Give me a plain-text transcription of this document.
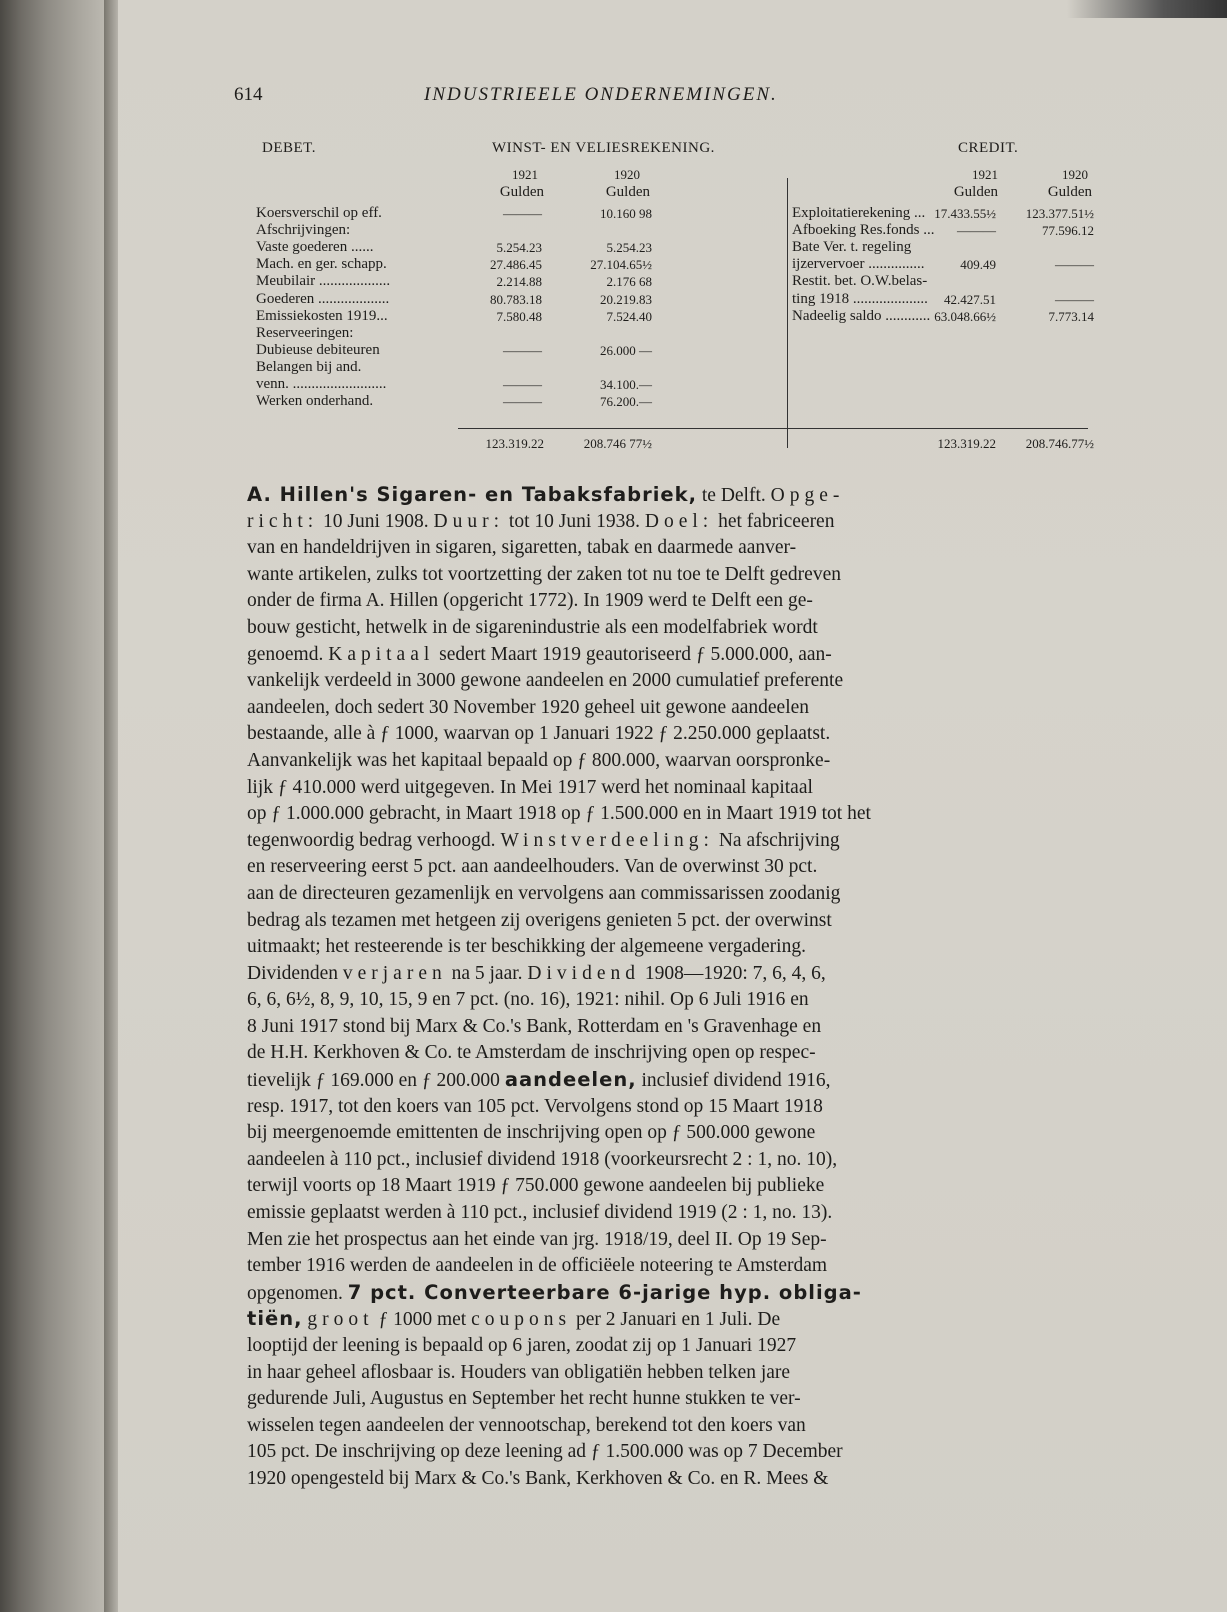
614	INDUSTRIEELE ONDERNEMINGEN.
DEBET.	WINST- EN VELIESREKENING.	CREDIT.
1921	1920
Gulden	Gulden
1921	1920
Gulden	Gulden
123.319.22	208.746 77½	123.319.22	208.746.77½
A. Hillen's Sigaren- en Tabaksfabriek, te Delft. Opge-
richt: 10 Juni 1908. Duur: tot 10 Juni 1938. Doel: het fabriceeren
van en handeldrijven in sigaren, sigaretten, tabak en daarmede aanver-
wante artikelen, zulks tot voortzetting der zaken tot nu toe te Delft gedreven
onder de firma A. Hillen (opgericht 1772). In 1909 werd te Delft een ge-
bouw gesticht, hetwelk in de sigarenindustrie als een modelfabriek wordt
genoemd. Kapitaal sedert Maart 1919 geautoriseerd ƒ 5.000.000, aan-
vankelijk verdeeld in 3000 gewone aandeelen en 2000 cumulatief preferente
aandeelen, doch sedert 30 November 1920 geheel uit gewone aandeelen
bestaande, alle à ƒ 1000, waarvan op 1 Januari 1922 ƒ 2.250.000 geplaatst.
Aanvankelijk was het kapitaal bepaald op ƒ 800.000, waarvan oorspronke-
lijk ƒ 410.000 werd uitgegeven. In Mei 1917 werd het nominaal kapitaal
op ƒ 1.000.000 gebracht, in Maart 1918 op ƒ 1.500.000 en in Maart 1919 tot het
tegenwoordig bedrag verhoogd. Winstverdeeling: Na afschrijving
en reserveering eerst 5 pct. aan aandeelhouders. Van de overwinst 30 pct.
aan de directeuren gezamenlijk en vervolgens aan commissarissen zoodanig
bedrag als tezamen met hetgeen zij overigens genieten 5 pct. der overwinst
uitmaakt; het resteerende is ter beschikking der algemeene vergadering.
Dividenden verjaren na 5 jaar. Dividend 1908—1920: 7, 6, 4, 6,
6, 6, 6½, 8, 9, 10, 15, 9 en 7 pct. (no. 16), 1921: nihil. Op 6 Juli 1916 en
8 Juni 1917 stond bij Marx & Co.'s Bank, Rotterdam en 's Gravenhage en
de H.H. Kerkhoven & Co. te Amsterdam de inschrijving open op respec-
tievelijk ƒ 169.000 en ƒ 200.000 aandeelen, inclusief dividend 1916,
resp. 1917, tot den koers van 105 pct. Vervolgens stond op 15 Maart 1918
bij meergenoemde emittenten de inschrijving open op ƒ 500.000 gewone
aandeelen à 110 pct., inclusief dividend 1918 (voorkeursrecht 2 : 1, no. 10),
terwijl voorts op 18 Maart 1919 ƒ 750.000 gewone aandeelen bij publieke
emissie geplaatst werden à 110 pct., inclusief dividend 1919 (2 : 1, no. 13).
Men zie het prospectus aan het einde van jrg. 1918/19, deel II. Op 19 Sep-
tember 1916 werden de aandeelen in de officiëele noteering te Amsterdam
opgenomen. 7 pct. Converteerbare 6-jarige hyp. obliga-
tiën, groot ƒ 1000 met coupons per 2 Januari en 1 Juli. De
looptijd der leening is bepaald op 6 jaren, zoodat zij op 1 Januari 1927
in haar geheel aflosbaar is. Houders van obligatiën hebben telken jare
gedurende Juli, Augustus en September het recht hunne stukken te ver-
wisselen tegen aandeelen der vennootschap, berekend tot den koers van
105 pct. De inschrijving op deze leening ad ƒ 1.500.000 was op 7 December
1920 opengesteld bij Marx & Co.'s Bank, Kerkhoven & Co. en R. Mees &
Koersverschil op eff.	———	10.160 98
Afschrijvingen:
Vaste goederen ......	5.254.23	5.254.23
Mach. en ger. schapp.	27.486.45	27.104.65½
Meubilair ...................	2.214.88	2.176 68
Goederen ...................	80.783.18	20.219.83
Emissiekosten 1919...	7.580.48	7.524.40
Reserveeringen:
Dubieuse debiteuren	———	26.000 —
Belangen bij and.
venn. .........................	———	34.100.—
Werken onderhand.	———	76.200.—
Exploitatierekening ... 17.433.55½	123.377.51½
Afboeking Res.fonds ...	———	77.596.12
Bate Ver. t. regeling
ijzervervoer ...............	409.49	———
Restit. bet. O.W.belas-
ting 1918 ....................	42.427.51	———
Nadeelig saldo ............ 63.048.66½	7.773.14
